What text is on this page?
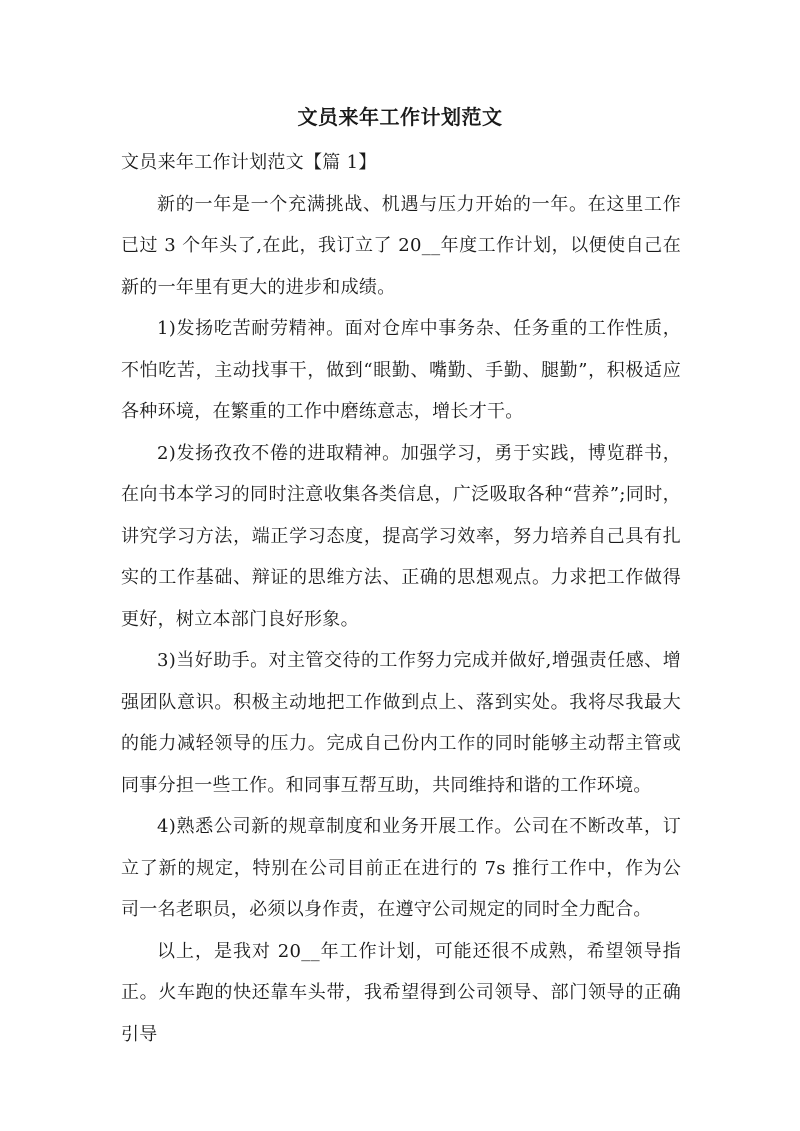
文员来年工作计划范文

文员来年工作计划范文【篇 1】

新的一年是一个充满挑战、机遇与压力开始的一年。在这里工作已过 3 个年头了,在此，我订立了 20__年度工作计划，以便使自己在新的一年里有更大的进步和成绩。

1)发扬吃苦耐劳精神。面对仓库中事务杂、任务重的工作性质，不怕吃苦，主动找事干，做到“眼勤、嘴勤、手勤、腿勤”，积极适应各种环境，在繁重的工作中磨练意志，增长才干。

2)发扬孜孜不倦的进取精神。加强学习，勇于实践，博览群书，在向书本学习的同时注意收集各类信息，广泛吸取各种“营养”;同时，讲究学习方法，端正学习态度，提高学习效率，努力培养自己具有扎实的工作基础、辩证的思维方法、正确的思想观点。力求把工作做得更好，树立本部门良好形象。

3)当好助手。对主管交待的工作努力完成并做好,增强责任感、增强团队意识。积极主动地把工作做到点上、落到实处。我将尽我最大的能力减轻领导的压力。完成自己份内工作的同时能够主动帮主管或同事分担一些工作。和同事互帮互助，共同维持和谐的工作环境。

4)熟悉公司新的规章制度和业务开展工作。公司在不断改革，订立了新的规定，特别在公司目前正在进行的 7s 推行工作中，作为公司一名老职员，必须以身作责，在遵守公司规定的同时全力配合。

以上，是我对 20__年工作计划，可能还很不成熟，希望领导指正。火车跑的快还靠车头带，我希望得到公司领导、部门领导的正确引导
